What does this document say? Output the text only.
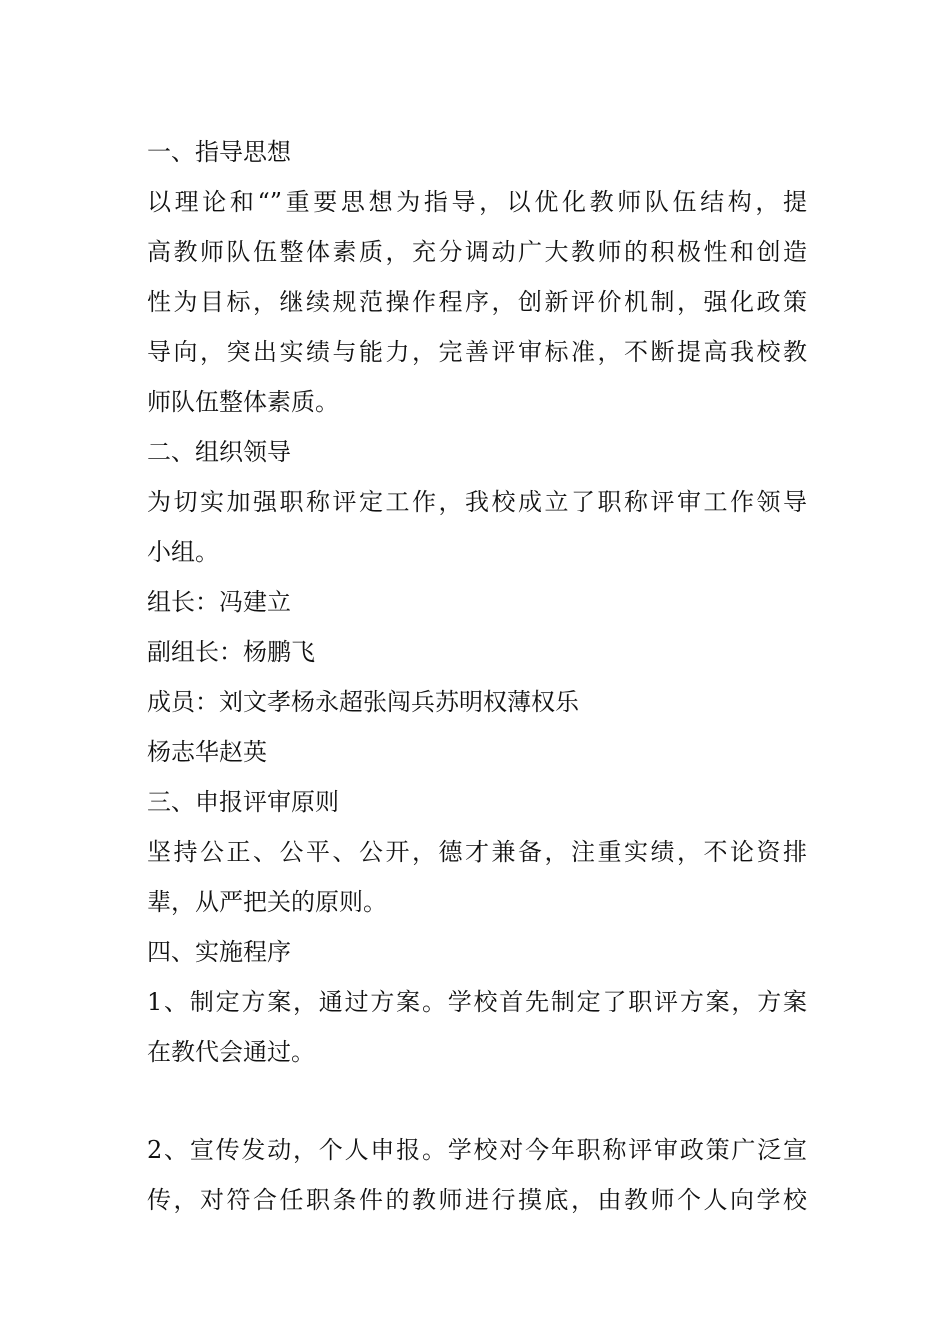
一、指导思想
以理论和“”重要思想为指导，以优化教师队伍结构，提
高教师队伍整体素质，充分调动广大教师的积极性和创造
性为目标，继续规范操作程序，创新评价机制，强化政策
导向，突出实绩与能力，完善评审标准，不断提高我校教
师队伍整体素质。
二、组织领导
为切实加强职称评定工作，我校成立了职称评审工作领导
小组。
组长：冯建立
副组长：杨鹏飞
成员：刘文孝杨永超张闯兵苏明权薄权乐
杨志华赵英
三、申报评审原则
坚持公正、公平、公开，德才兼备，注重实绩，不论资排
辈，从严把关的原则。
四、实施程序
1、制定方案，通过方案。学校首先制定了职评方案，方案
在教代会通过。
2、宣传发动，个人申报。学校对今年职称评审政策广泛宣
传，对符合任职条件的教师进行摸底，由教师个人向学校
